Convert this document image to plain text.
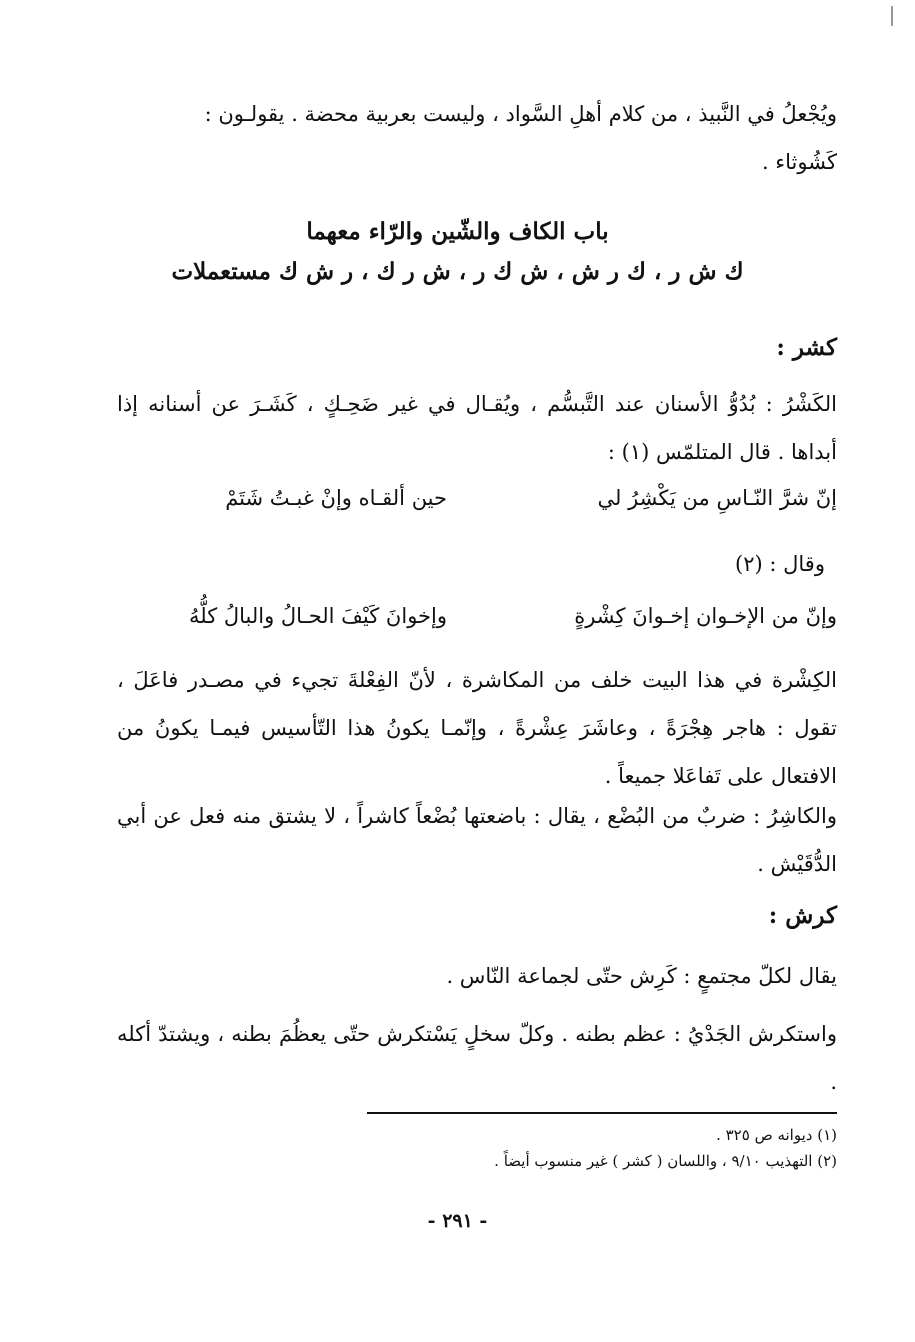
ويُجْعلُ في النَّبيذ ، من كلام أهلِ السَّواد ، وليست بعربية محضة . يقولـون :
كَشُوثاء .
باب الكاف والشّين والرّاء معهما
ك ش ر ، ك ر ش ، ش ك ر ، ش ر ك ، ر ش ك مستعملات
كشر :
الكَشْرُ : بُدُوُّ الأسنان عند التَّبسُّم ، ويُقـال في غير ضَحِـكٍ ، كَشَـرَ عن أسنانه إذا أبداها . قال المتلمّس (١) :
إنّ شرَّ النّـاسِ من يَكْشِرُ لي
حين ألقـاه وإنْ غبـتُ شَتَمْ
وقال : (٢)
وإنّ من الإخـوان إخـوانَ كِشْرةٍ
وإخوانَ كَيْفَ الحـالُ والبالُ كلُّهُ
الكِشْرة في هذا البيت خلف من المكاشرة ، لأنّ الفِعْلةَ تجيء في مصـدر فاعَلَ ، تقول : هاجر هِجْرَةً ، وعاشَرَ عِشْرةً ، وإنّمـا يكونُ هذا التّأسيس فيمـا يكونُ من الافتعال على تَفاعَلا جميعاً .
والكاشِرُ : ضربٌ من البُضْع ، يقال : باضعتها بُضْعاً كاشراً ، لا يشتق منه فعل عن أبي الدُّقَيْش .
كرش :
يقال لكلّ مجتمعٍ : كَرِش حتّى لجماعة النّاس .
واستكرش الجَدْيُ : عظم بطنه . وكلّ سخلٍ يَسْتكرش حتّى يعظُمَ بطنه ، ويشتدّ أكله .
(١) ديوانه ص ٣٢٥ .
(٢) التهذيب ٩/١٠ ، واللسان ( كشر ) غير منسوب أيضاً .
- ٢٩١ -
